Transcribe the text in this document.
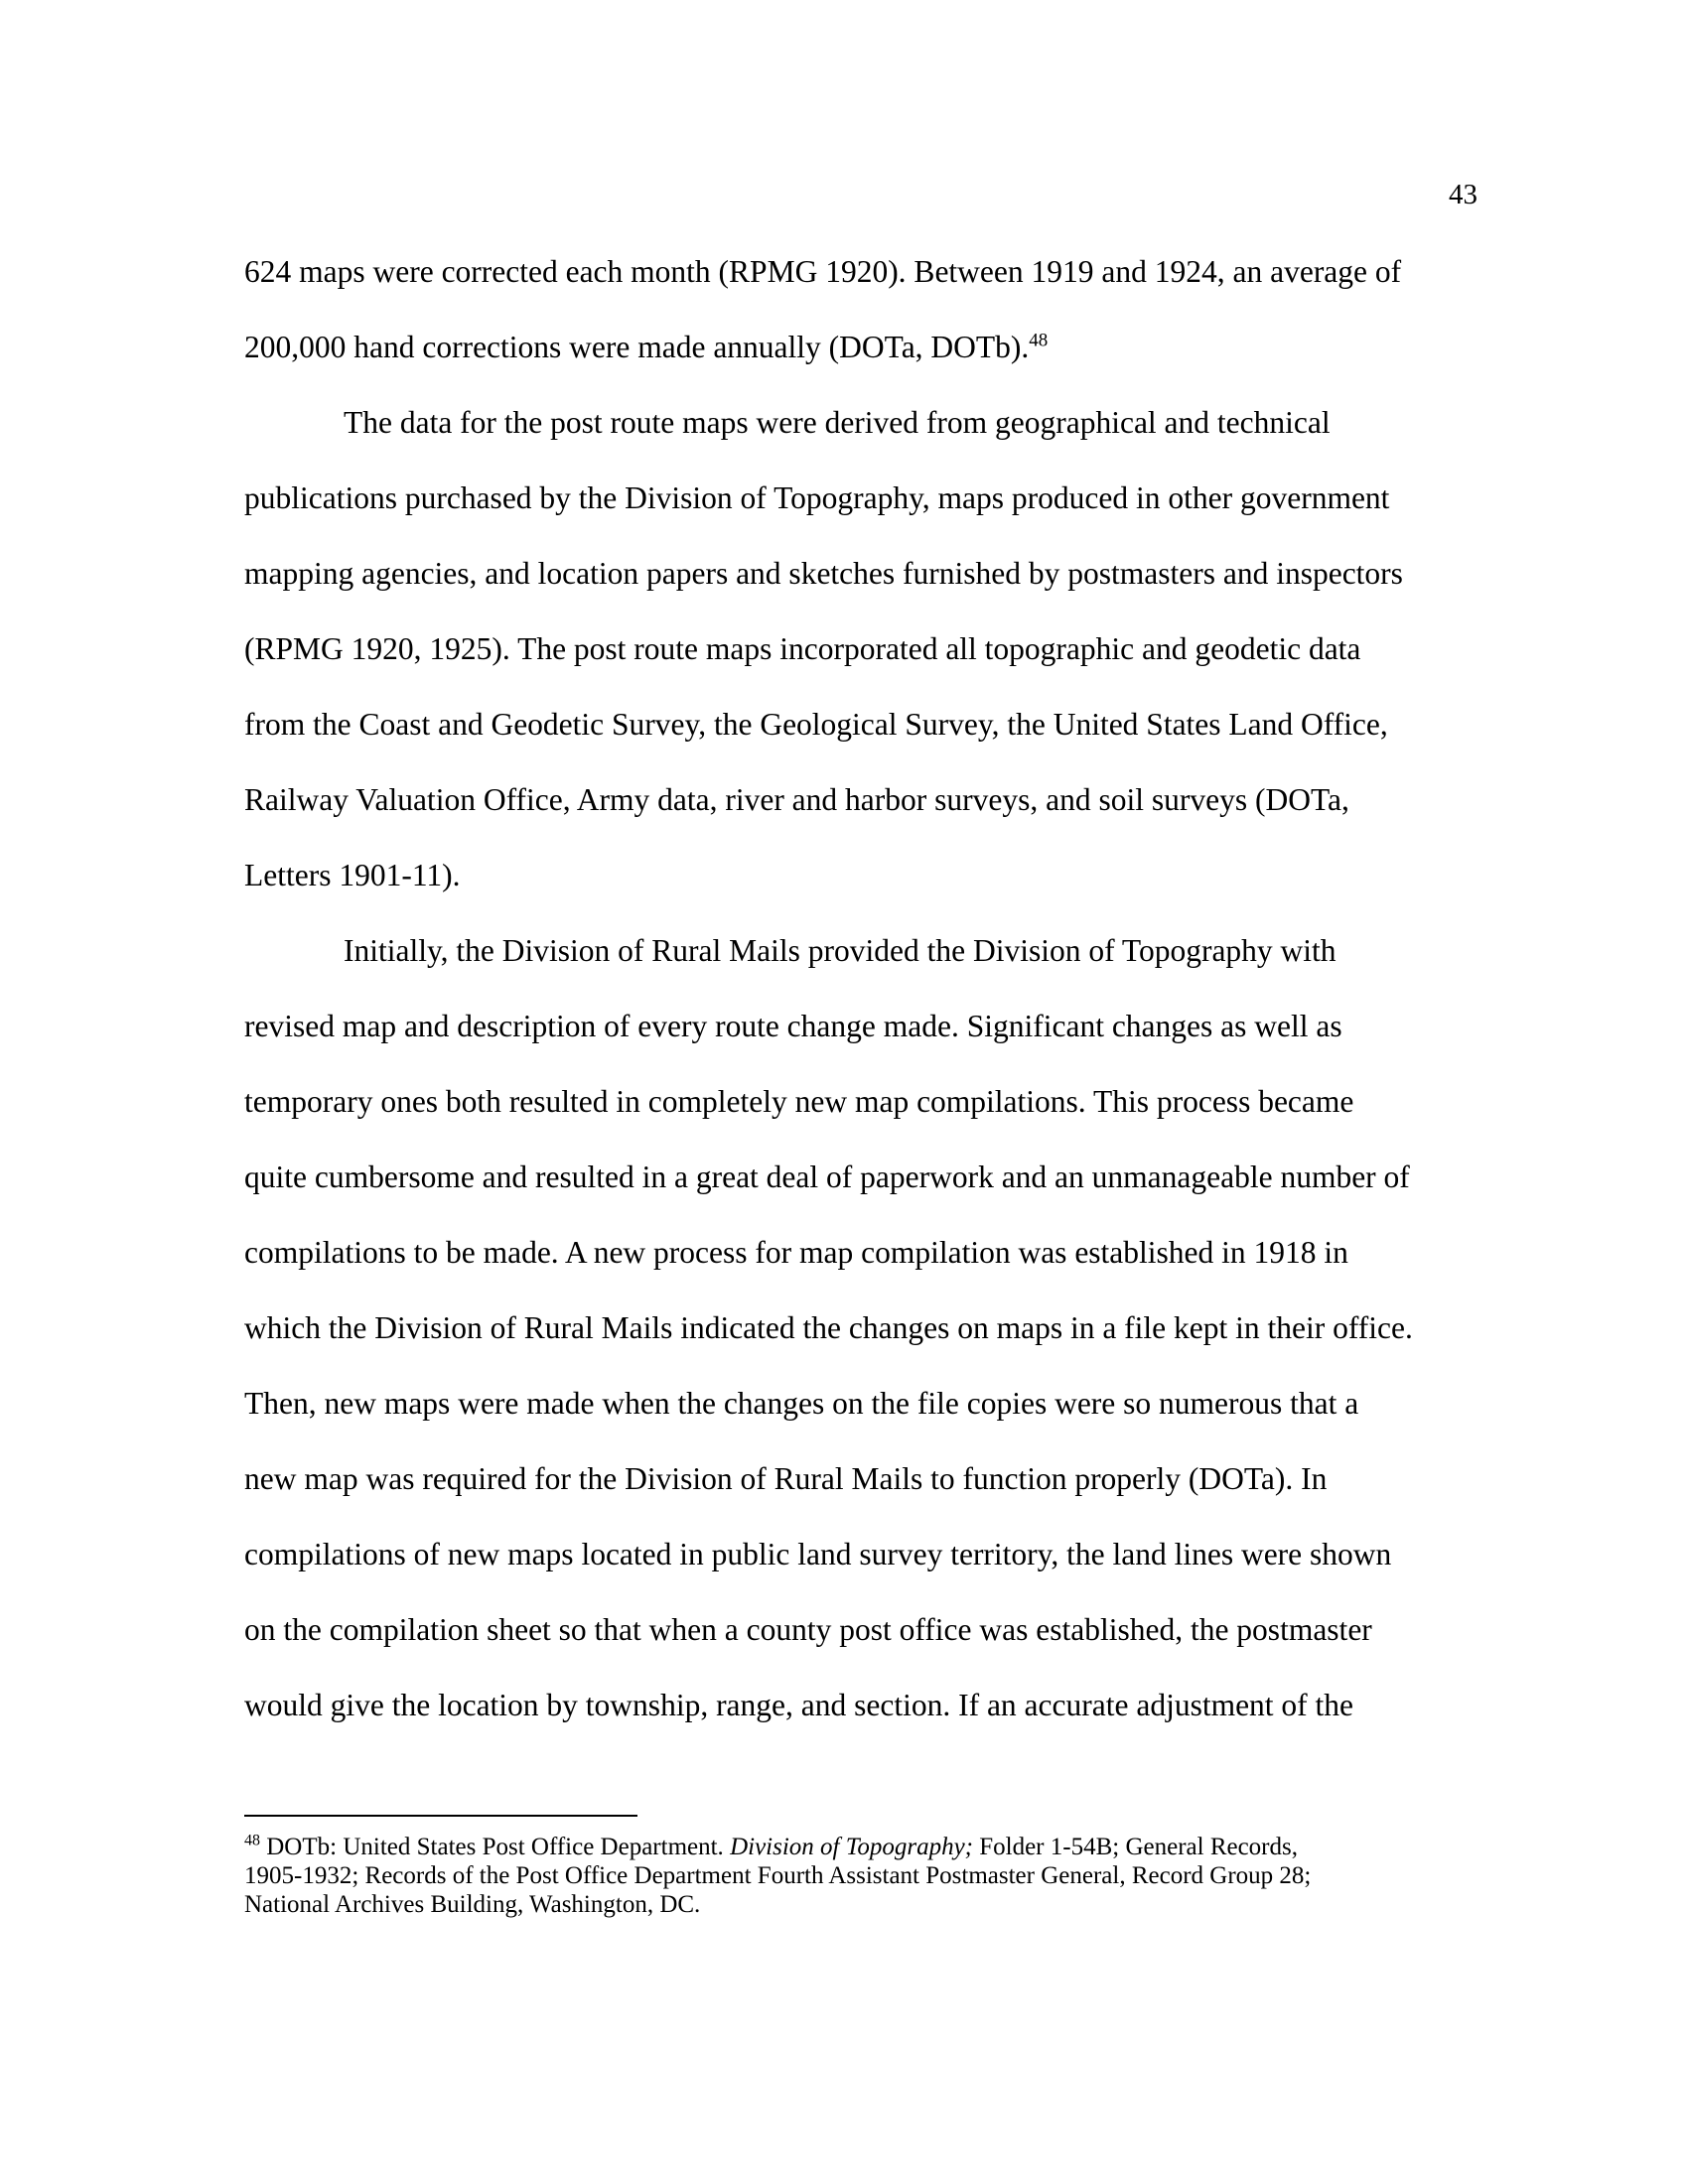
43

624 maps were corrected each month (RPMG 1920). Between 1919 and 1924, an average of
200,000 hand corrections were made annually (DOTa, DOTb).$^{48}$

The data for the post route maps were derived from geographical and technical
publications purchased by the Division of Topography, maps produced in other government
mapping agencies, and location papers and sketches furnished by postmasters and inspectors
(RPMG 1920, 1925). The post route maps incorporated all topographic and geodetic data
from the Coast and Geodetic Survey, the Geological Survey, the United States Land Office,
Railway Valuation Office, Army data, river and harbor surveys, and soil surveys (DOTa,
Letters 1901-11).

Initially, the Division of Rural Mails provided the Division of Topography with
revised map and description of every route change made. Significant changes as well as
temporary ones both resulted in completely new map compilations. This process became
quite cumbersome and resulted in a great deal of paperwork and an unmanageable number of
compilations to be made. A new process for map compilation was established in 1918 in
which the Division of Rural Mails indicated the changes on maps in a file kept in their office.
Then, new maps were made when the changes on the file copies were so numerous that a
new map was required for the Division of Rural Mails to function properly (DOTa). In
compilations of new maps located in public land survey territory, the land lines were shown
on the compilation sheet so that when a county post office was established, the postmaster
would give the location by township, range, and section. If an accurate adjustment of the

$^{48}$ DOTb: United States Post Office Department. Division of Topography; Folder 1-54B; General Records,
1905-1932; Records of the Post Office Department Fourth Assistant Postmaster General, Record Group 28;
National Archives Building, Washington, DC.
